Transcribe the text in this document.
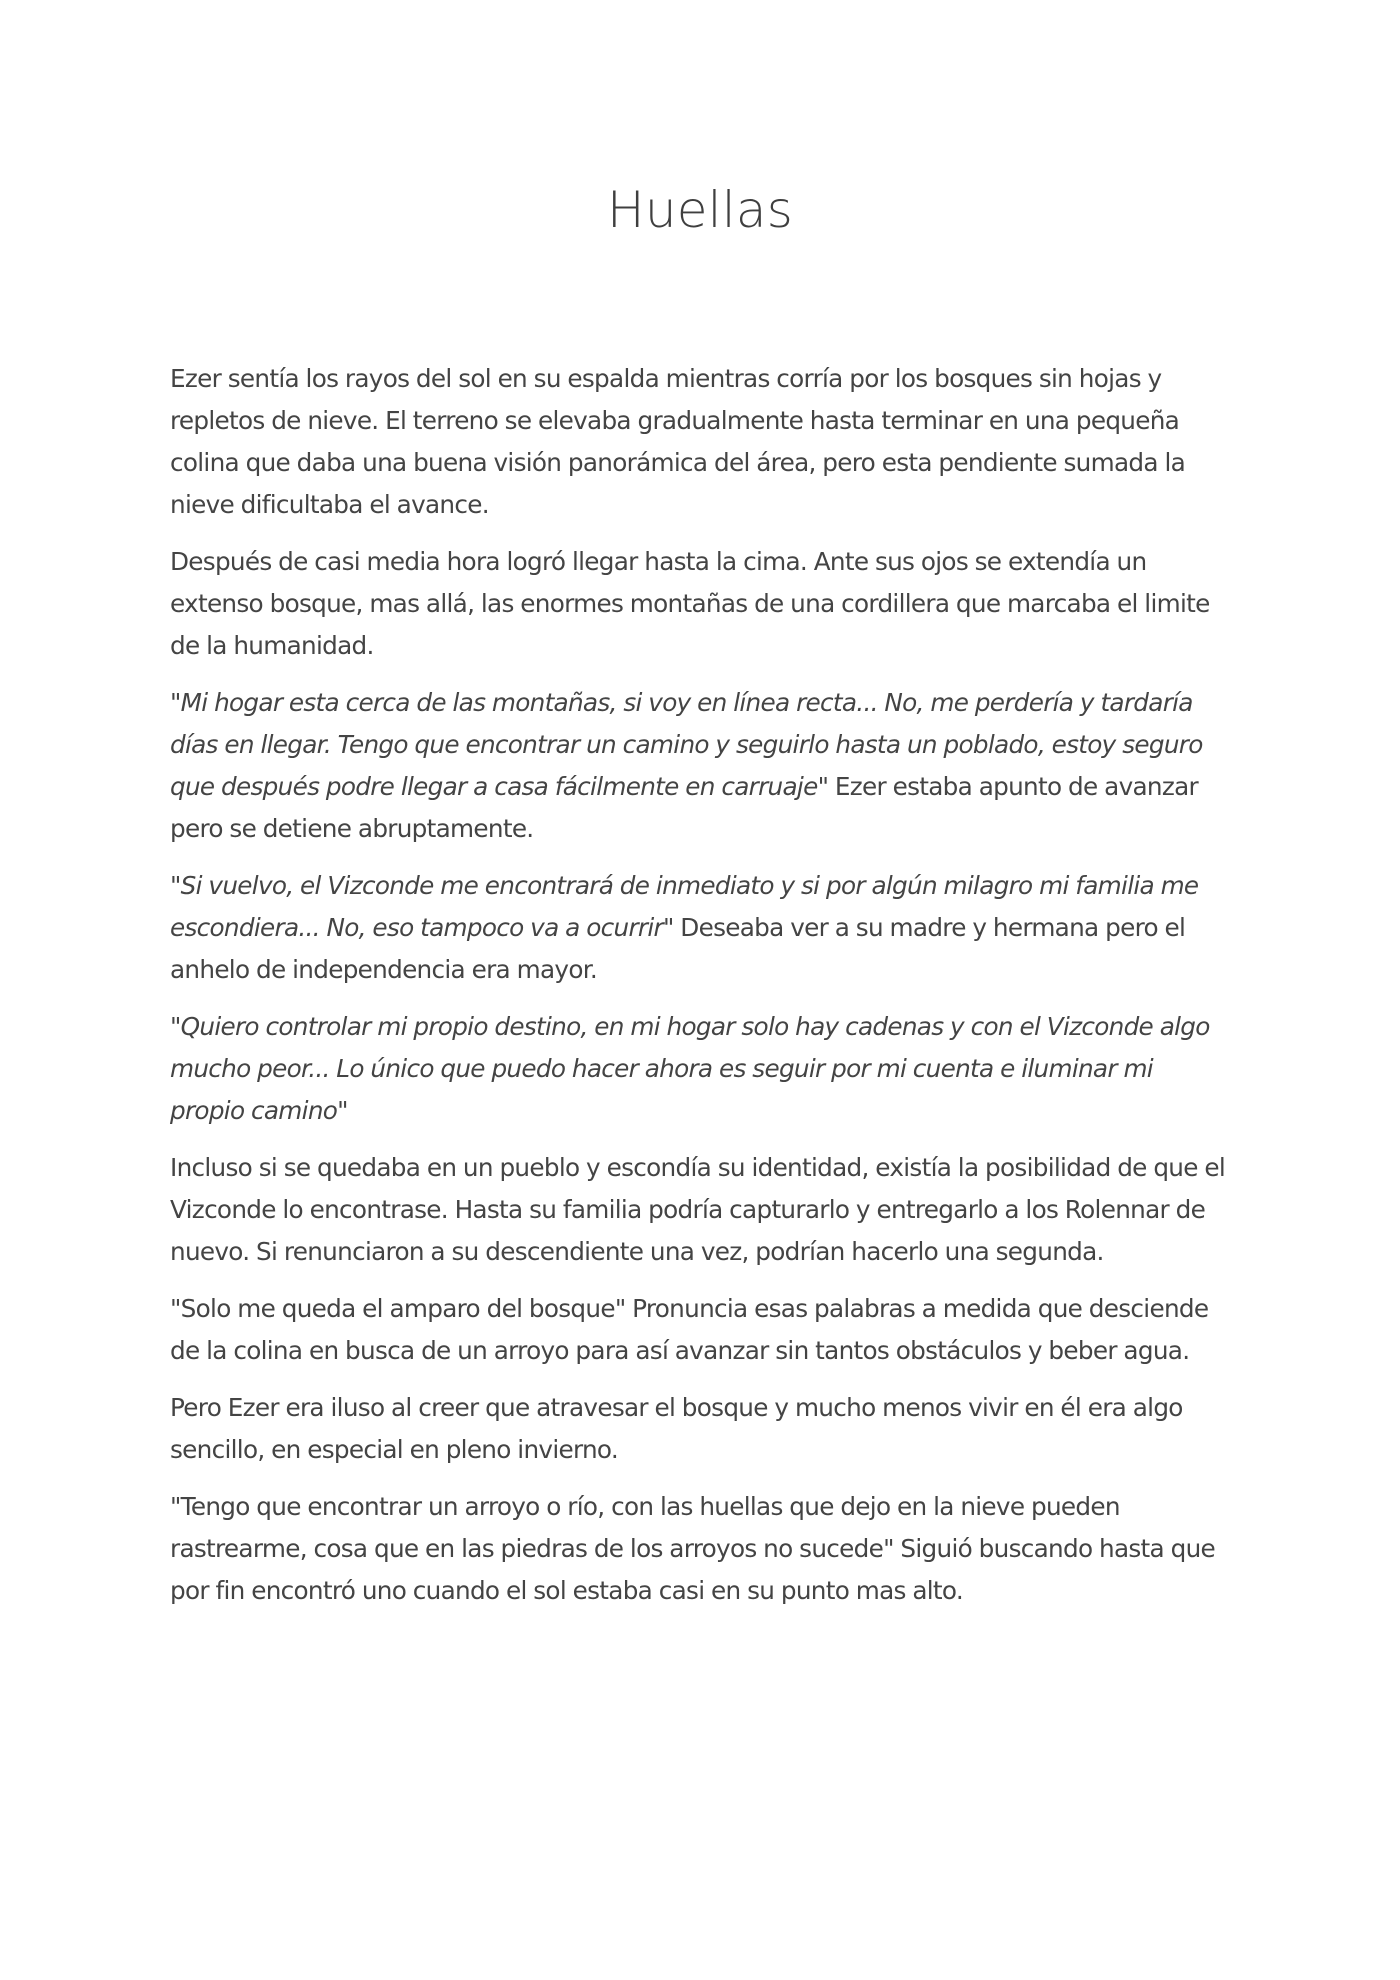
Huellas

Ezer sentía los rayos del sol en su espalda mientras corría por los bosques sin hojas y repletos de nieve. El terreno se elevaba gradualmente hasta terminar en una pequeña colina que daba una buena visión panorámica del área, pero esta pendiente sumada la nieve dificultaba el avance.

Después de casi media hora logró llegar hasta la cima. Ante sus ojos se extendía un extenso bosque, mas allá, las enormes montañas de una cordillera que marcaba el limite de la humanidad.

"Mi hogar esta cerca de las montañas, si voy en línea recta... No, me perdería y tardaría días en llegar. Tengo que encontrar un camino y seguirlo hasta un poblado, estoy seguro que después podre llegar a casa fácilmente en carruaje" Ezer estaba apunto de avanzar pero se detiene abruptamente.

"Si vuelvo, el Vizconde me encontrará de inmediato y si por algún milagro mi familia me escondiera... No, eso tampoco va a ocurrir" Deseaba ver a su madre y hermana pero el anhelo de independencia era mayor.

"Quiero controlar mi propio destino, en mi hogar solo hay cadenas y con el Vizconde algo mucho peor... Lo único que puedo hacer ahora es seguir por mi cuenta e iluminar mi propio camino"

Incluso si se quedaba en un pueblo y escondía su identidad, existía la posibilidad de que el Vizconde lo encontrase. Hasta su familia podría capturarlo y entregarlo a los Rolennar de nuevo. Si renunciaron a su descendiente una vez, podrían hacerlo una segunda.

"Solo me queda el amparo del bosque" Pronuncia esas palabras a medida que desciende de la colina en busca de un arroyo para así avanzar sin tantos obstáculos y beber agua.

Pero Ezer era iluso al creer que atravesar el bosque y mucho menos vivir en él era algo sencillo, en especial en pleno invierno.

"Tengo que encontrar un arroyo o río, con las huellas que dejo en la nieve pueden rastrearme, cosa que en las piedras de los arroyos no sucede" Siguió buscando hasta que por fin encontró uno cuando el sol estaba casi en su punto mas alto.
